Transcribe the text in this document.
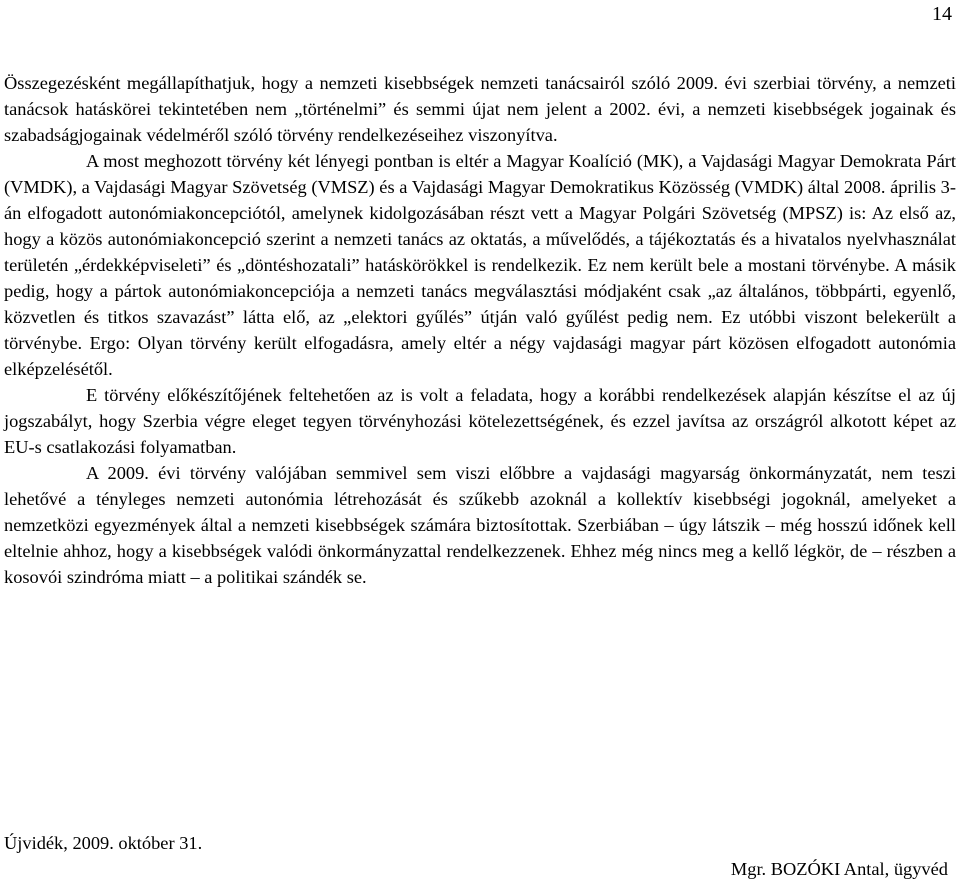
14

Összegezésként megállapíthatjuk, hogy a nemzeti kisebbségek nemzeti tanácsairól szóló 2009. évi szerbiai törvény, a nemzeti tanácsok hatáskörei tekintetében nem „történelmi” és semmi újat nem jelent a 2002. évi, a nemzeti kisebbségek jogainak és szabadságjogainak védelméről szóló törvény rendelkezéseihez viszonyítva.

A most meghozott törvény két lényegi pontban is eltér a Magyar Koalíció (MK), a Vajdasági Magyar Demokrata Párt (VMDK), a Vajdasági Magyar Szövetség (VMSZ) és a Vajdasági Magyar Demokratikus Közösség (VMDK) által 2008. április 3-án elfogadott autonómiakoncepciótól, amelynek kidolgozásában részt vett a Magyar Polgári Szövetség (MPSZ) is: Az első az, hogy a közös autonómiakoncepció szerint a nemzeti tanács az oktatás, a művelődés, a tájékoztatás és a hivatalos nyelvhasználat területén „érdekképviseleti” és „döntéshozatali” hatáskörökkel is rendelkezik. Ez nem került bele a mostani törvénybe. A másik pedig, hogy a pártok autonómiakoncepciója a nemzeti tanács megválasztási módjaként csak „az általános, többpárti, egyenlő, közvetlen és titkos szavazást” látta elő, az „elektori gyűlés” útján való gyűlést pedig nem. Ez utóbbi viszont belekerült a törvénybe. Ergo: Olyan törvény került elfogadásra, amely eltér a négy vajdasági magyar párt közösen elfogadott autonómia elképzelésétől.

E törvény előkészítőjének feltehetően az is volt a feladata, hogy a korábbi rendelkezések alapján készítse el az új jogszabályt, hogy Szerbia végre eleget tegyen törvényhozási kötelezettségének, és ezzel javítsa az országról alkotott képet az EU-s csatlakozási folyamatban.

A 2009. évi törvény valójában semmivel sem viszi előbbre a vajdasági magyarság önkormányzatát, nem teszi lehetővé a tényleges nemzeti autonómia létrehozását és szűkebb azoknál a kollektív kisebbségi jogoknál, amelyeket a nemzetközi egyezmények által a nemzeti kisebbségek számára biztosítottak. Szerbiában – úgy látszik – még hosszú időnek kell eltelnie ahhoz, hogy a kisebbségek valódi önkormányzattal rendelkezzenek. Ehhez még nincs meg a kellő légkör, de – részben a kosovói szindróma miatt – a politikai szándék se.

Újvidék, 2009. október 31.
Mgr. BOZÓKI Antal, ügyvéd
